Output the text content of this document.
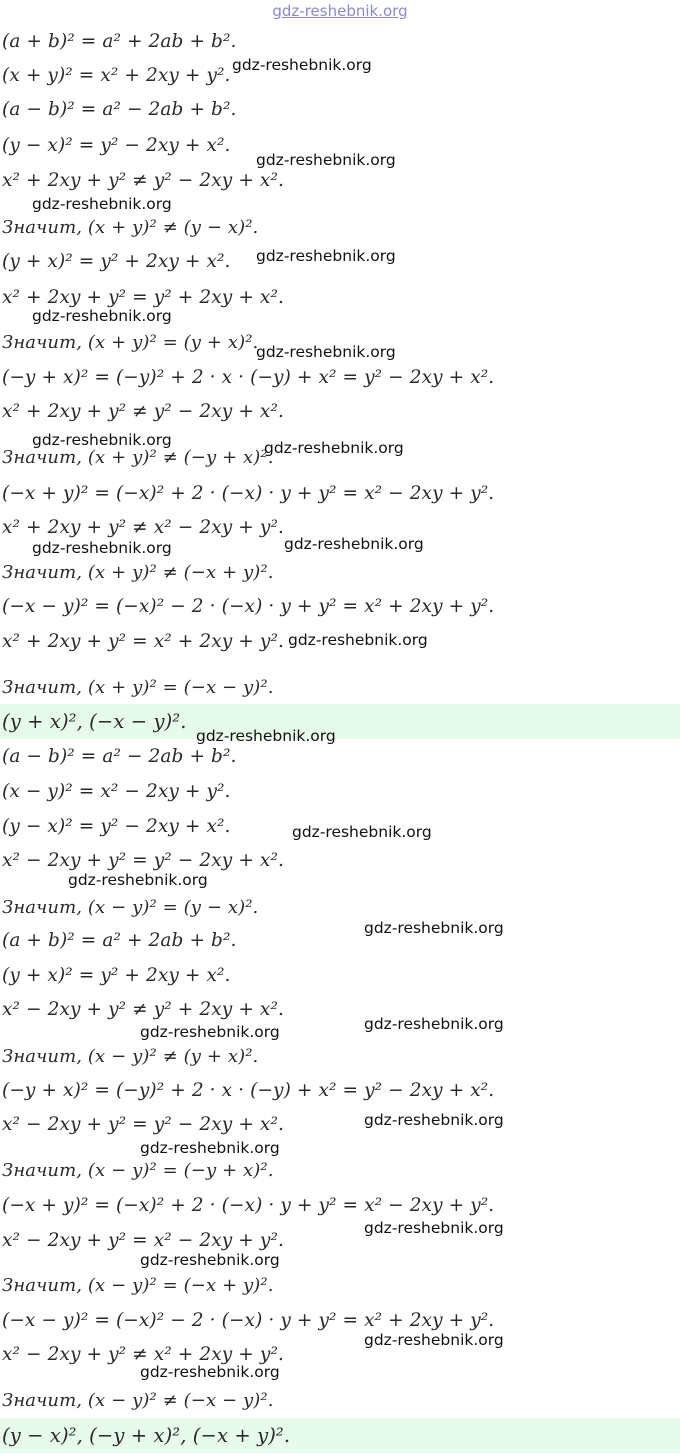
gdz-reshebnik.org
(a + b)² = a² + 2ab + b².
(x + y)² = x² + 2xy + y².
(a − b)² = a² − 2ab + b².
(y − x)² = y² − 2xy + x².
x² + 2xy + y² ≠ y² − 2xy + x².
Значит, (x + y)² ≠ (y − x)².
(y + x)² = y² + 2xy + x².
x² + 2xy + y² = y² + 2xy + x².
Значит, (x + y)² = (y + x)².
(−y + x)² = (−y)² + 2 · x · (−y) + x² = y² − 2xy + x².
x² + 2xy + y² ≠ y² − 2xy + x².
Значит, (x + y)² ≠ (−y + x)².
(−x + y)² = (−x)² + 2 · (−x) · y + y² = x² − 2xy + y².
x² + 2xy + y² ≠ x² − 2xy + y².
Значит, (x + y)² ≠ (−x + y)².
(−x − y)² = (−x)² − 2 · (−x) · y + y² = x² + 2xy + y².
x² + 2xy + y² = x² + 2xy + y².
Значит, (x + y)² = (−x − y)².
(y + x)², (−x − y)².
(a − b)² = a² − 2ab + b².
(x − y)² = x² − 2xy + y².
(y − x)² = y² − 2xy + x².
x² − 2xy + y² = y² − 2xy + x².
Значит, (x − y)² = (y − x)².
(a + b)² = a² + 2ab + b².
(y + x)² = y² + 2xy + x².
x² − 2xy + y² ≠ y² + 2xy + x².
Значит, (x − y)² ≠ (y + x)².
(−y + x)² = (−y)² + 2 · x · (−y) + x² = y² − 2xy + x².
x² − 2xy + y² = y² − 2xy + x².
Значит, (x − y)² = (−y + x)².
(−x + y)² = (−x)² + 2 · (−x) · y + y² = x² − 2xy + y².
x² − 2xy + y² = x² − 2xy + y².
Значит, (x − y)² = (−x + y)².
(−x − y)² = (−x)² − 2 · (−x) · y + y² = x² + 2xy + y².
x² − 2xy + y² ≠ x² + 2xy + y².
Значит, (x − y)² ≠ (−x − y)².
(y − x)², (−y + x)², (−x + y)².
gdz-reshebnik.org
gdz-reshebnik.org
gdz-reshebnik.org
gdz-reshebnik.org
gdz-reshebnik.org
gdz-reshebnik.org
gdz-reshebnik.org	gdz-reshebnik.org
gdz-reshebnik.org
gdz-reshebnik.org
gdz-reshebnik.org
gdz-reshebnik.org
gdz-reshebnik.org
gdz-reshebnik.org
gdz-reshebnik.org
gdz-reshebnik.org
gdz-reshebnik.org
gdz-reshebnik.org
gdz-reshebnik.org
gdz-reshebnik.org
gdz-reshebnik.org
gdz-reshebnik.org
gdz-reshebnik.org
